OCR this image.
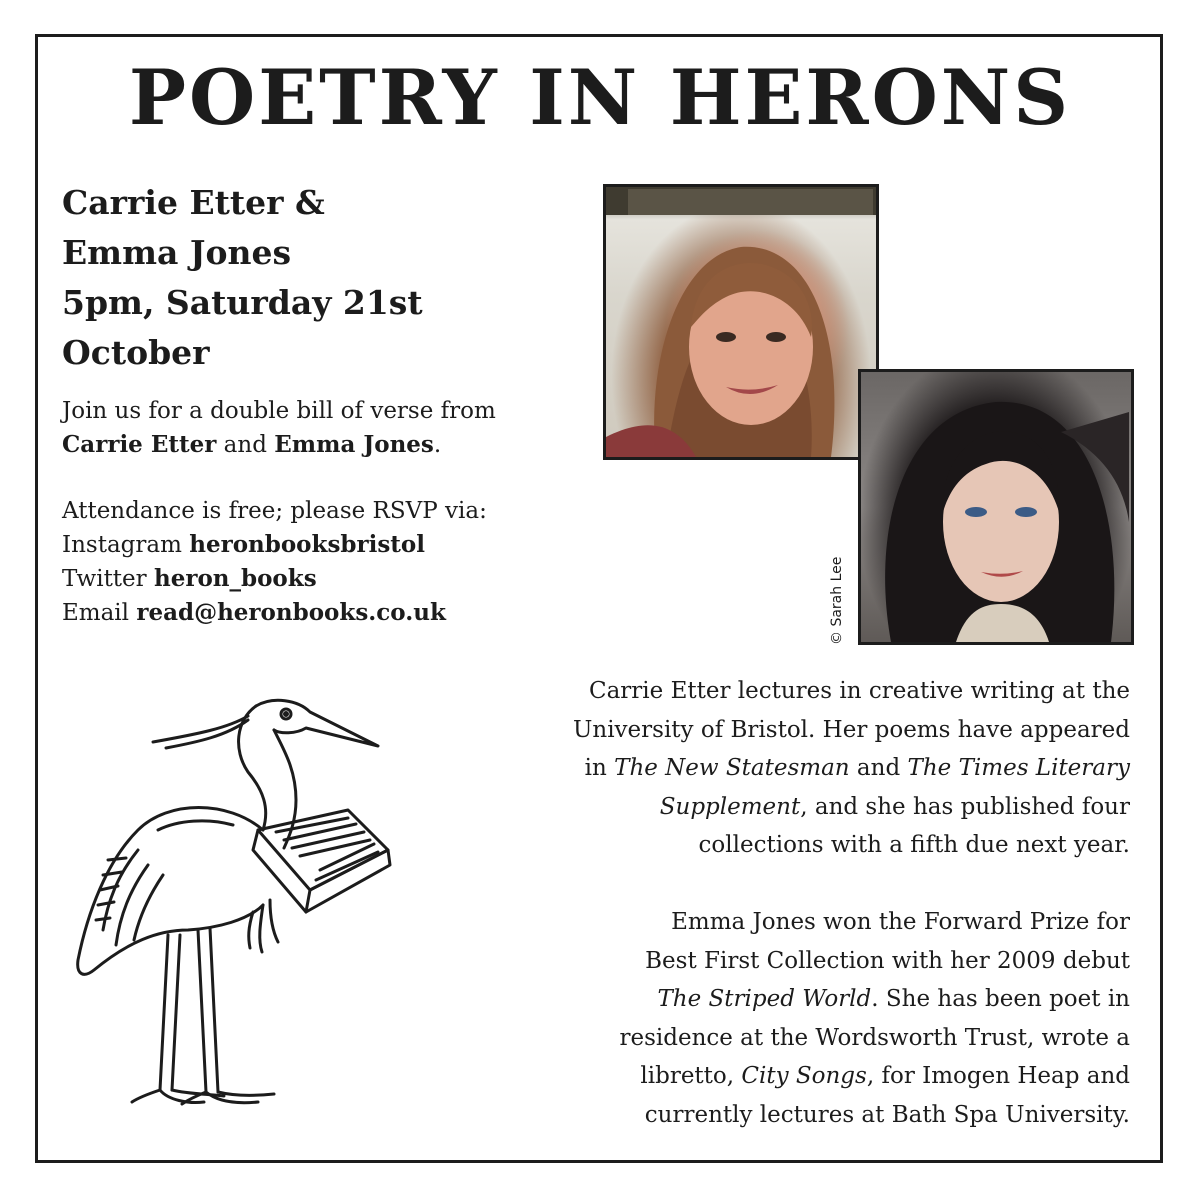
POETRY IN HERONS
Carrie Etter &
Emma Jones
5pm, Saturday 21st
October

Join us for a double bill of verse from

Carrie Etter and Emma Jones.

Attendance is free; please RSVP via:

Instagram heronbooksbristol

Twitter heron_books

Email read@heronbooks.co.uk	© Sarah Lee

Carrie Etter lectures in creative writing at the

University of Bristol. Her poems have appeared

in The New Statesman and The Times Literary

Supplement, and she has published four

collections with a fifth due next year.

Emma Jones won the Forward Prize for

Best First Collection with her 2009 debut

The Striped World. She has been poet in

residence at the Wordsworth Trust, wrote a

libretto, City Songs, for Imogen Heap and

currently lectures at Bath Spa University.
